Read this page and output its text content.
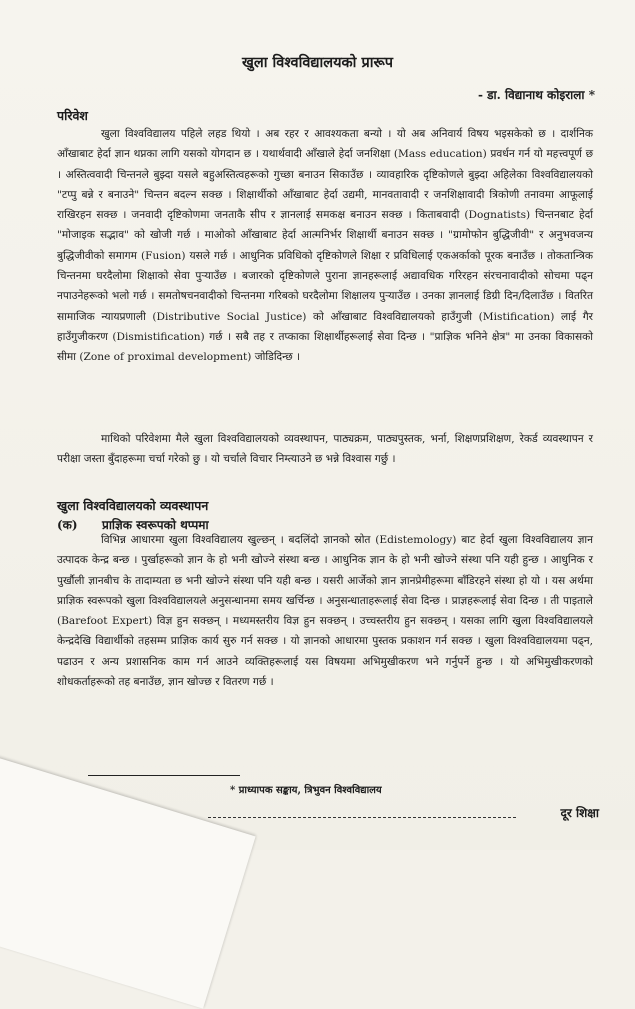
खुला विश्वविद्यालयको प्रारूप
- डा. विद्यानाथ कोइराला *
परिवेश

खुला विश्वविद्यालय पहिले लहड थियो । अब रहर र आवश्यकता बन्यो । यो अब अनिवार्य विषय भइसकेको छ । दार्शनिक आँखाबाट हेर्दा ज्ञान थप्नका लागि यसको योगदान छ । यथार्थवादी आँखाले हेर्दा जनशिक्षा (Mass education) प्रवर्धन गर्न यो महत्त्वपूर्ण छ । अस्तित्ववादी चिन्तनले बुझ्दा यसले बहुअस्तित्वहरूको गुच्छा बनाउन सिकाउँछ । व्यावहारिक दृष्टिकोणले बुझ्दा अहिलेका विश्वविद्यालयको "टप्पु बन्ने र बनाउने" चिन्तन बदल्न सक्छ । शिक्षार्थीको आँखाबाट हेर्दा उद्यमी, मानवतावादी र जनशिक्षावादी त्रिकोणी तनावमा आफूलाई राखिरहन सक्छ । जनवादी दृष्टिकोणमा जनताकै सीप र ज्ञानलाई समकक्ष बनाउन सक्छ । किताबवादी (Dognatists) चिन्तनबाट हेर्दा "मोजाइक सद्भाव" को खोजी गर्छ । माओको आँखाबाट हेर्दा आत्मनिर्भर शिक्षार्थी बनाउन सक्छ । "ग्रामोफोन बुद्धिजीवी" र अनुभवजन्य बुद्धिजीवीको समागम (Fusion) यसले गर्छ । आधुनिक प्रविधिको दृष्टिकोणले शिक्षा र प्रविधिलाई एकअर्काको पूरक बनाउँछ । तोकतान्त्रिक चिन्तनमा घरदैलोमा शिक्षाको सेवा पुऱ्याउँछ । बजारको दृष्टिकोणले पुराना ज्ञानहरूलाई अद्यावधिक गरिरहन संरचनावादीको सोचमा पढ्न नपाउनेहरूको भलो गर्छ । समतोषचनवादीको चिन्तनमा गरिबको घरदैलोमा शिक्षालय पुऱ्याउँछ । उनका ज्ञानलाई डिग्री दिन/दिलाउँछ । वितरित सामाजिक न्यायप्रणाली (Distributive Social Justice) को आँखाबाट विश्वविद्यालयको हाउँगुजी (Mistification) लाई गैर हाउँगुजीकरण (Dismistification) गर्छ । सबै तह र तप्काका शिक्षार्थीहरूलाई सेवा दिन्छ । "प्राज्ञिक भनिने क्षेत्र" मा उनका विकासको सीमा (Zone of proximal development) जोडिदिन्छ ।

माथिको परिवेशमा मैले खुला विश्वविद्यालयको व्यवस्थापन, पाठ्यक्रम, पाठ्यपुस्तक, भर्ना, शिक्षणप्रशिक्षण, रेकर्ड व्यवस्थापन र परीक्षा जस्ता बुँदाहरूमा चर्चा गरेको छु । यो चर्चाले विचार निम्त्याउने छ भन्ने विश्वास गर्छु ।

खुला विश्वविद्यालयको व्यवस्थापन
(क) प्राज्ञिक स्वरूपको थप्पमा

विभिन्न आधारमा खुला विश्वविद्यालय खुल्छन् । बदलिंदो ज्ञानको स्रोत (Edistemology) बाट हेर्दा खुला विश्वविद्यालय ज्ञान उत्पादक केन्द्र बन्छ । पुर्खाहरूको ज्ञान के हो भनी खोज्ने संस्था बन्छ । आधुनिक ज्ञान के हो भनी खोज्ने संस्था पनि यही हुन्छ । आधुनिक र पुर्खौली ज्ञानबीच के तादाम्यता छ भनी खोज्ने संस्था पनि यही बन्छ । यसरी आर्जेको ज्ञान ज्ञानप्रेमीहरूमा बाँडिरहने संस्था हो यो । यस अर्थमा प्राज्ञिक स्वरूपको खुला विश्वविद्यालयले अनुसन्धानमा समय खर्चिन्छ । अनुसन्धाताहरूलाई सेवा दिन्छ । प्राज्ञहरूलाई सेवा दिन्छ । ती पाइताले (Barefoot Expert) विज्ञ हुन सक्छन् । मध्यमस्तरीय विज्ञ हुन सक्छन् । उच्चस्तरीय हुन सक्छन् । यसका लागि खुला विश्वविद्यालयले केन्द्रदेखि विद्यार्थीको तहसम्म प्राज्ञिक कार्य सुरु गर्न सक्छ । यो ज्ञानको आधारमा पुस्तक प्रकाशन गर्न सक्छ । खुला विश्वविद्यालयमा पढ्न, पढाउन र अन्य प्रशासनिक काम गर्न आउने व्यक्तिहरूलाई यस विषयमा अभिमुखीकरण भने गर्नुपर्ने हुन्छ । यो अभिमुखीकरणको शोधकर्ताहरूको तह बनाउँछ, ज्ञान खोज्छ र वितरण गर्छ ।

* प्राध्यापक सङ्काय, त्रिभुवन विश्वविद्यालय
दूर शिक्षा
